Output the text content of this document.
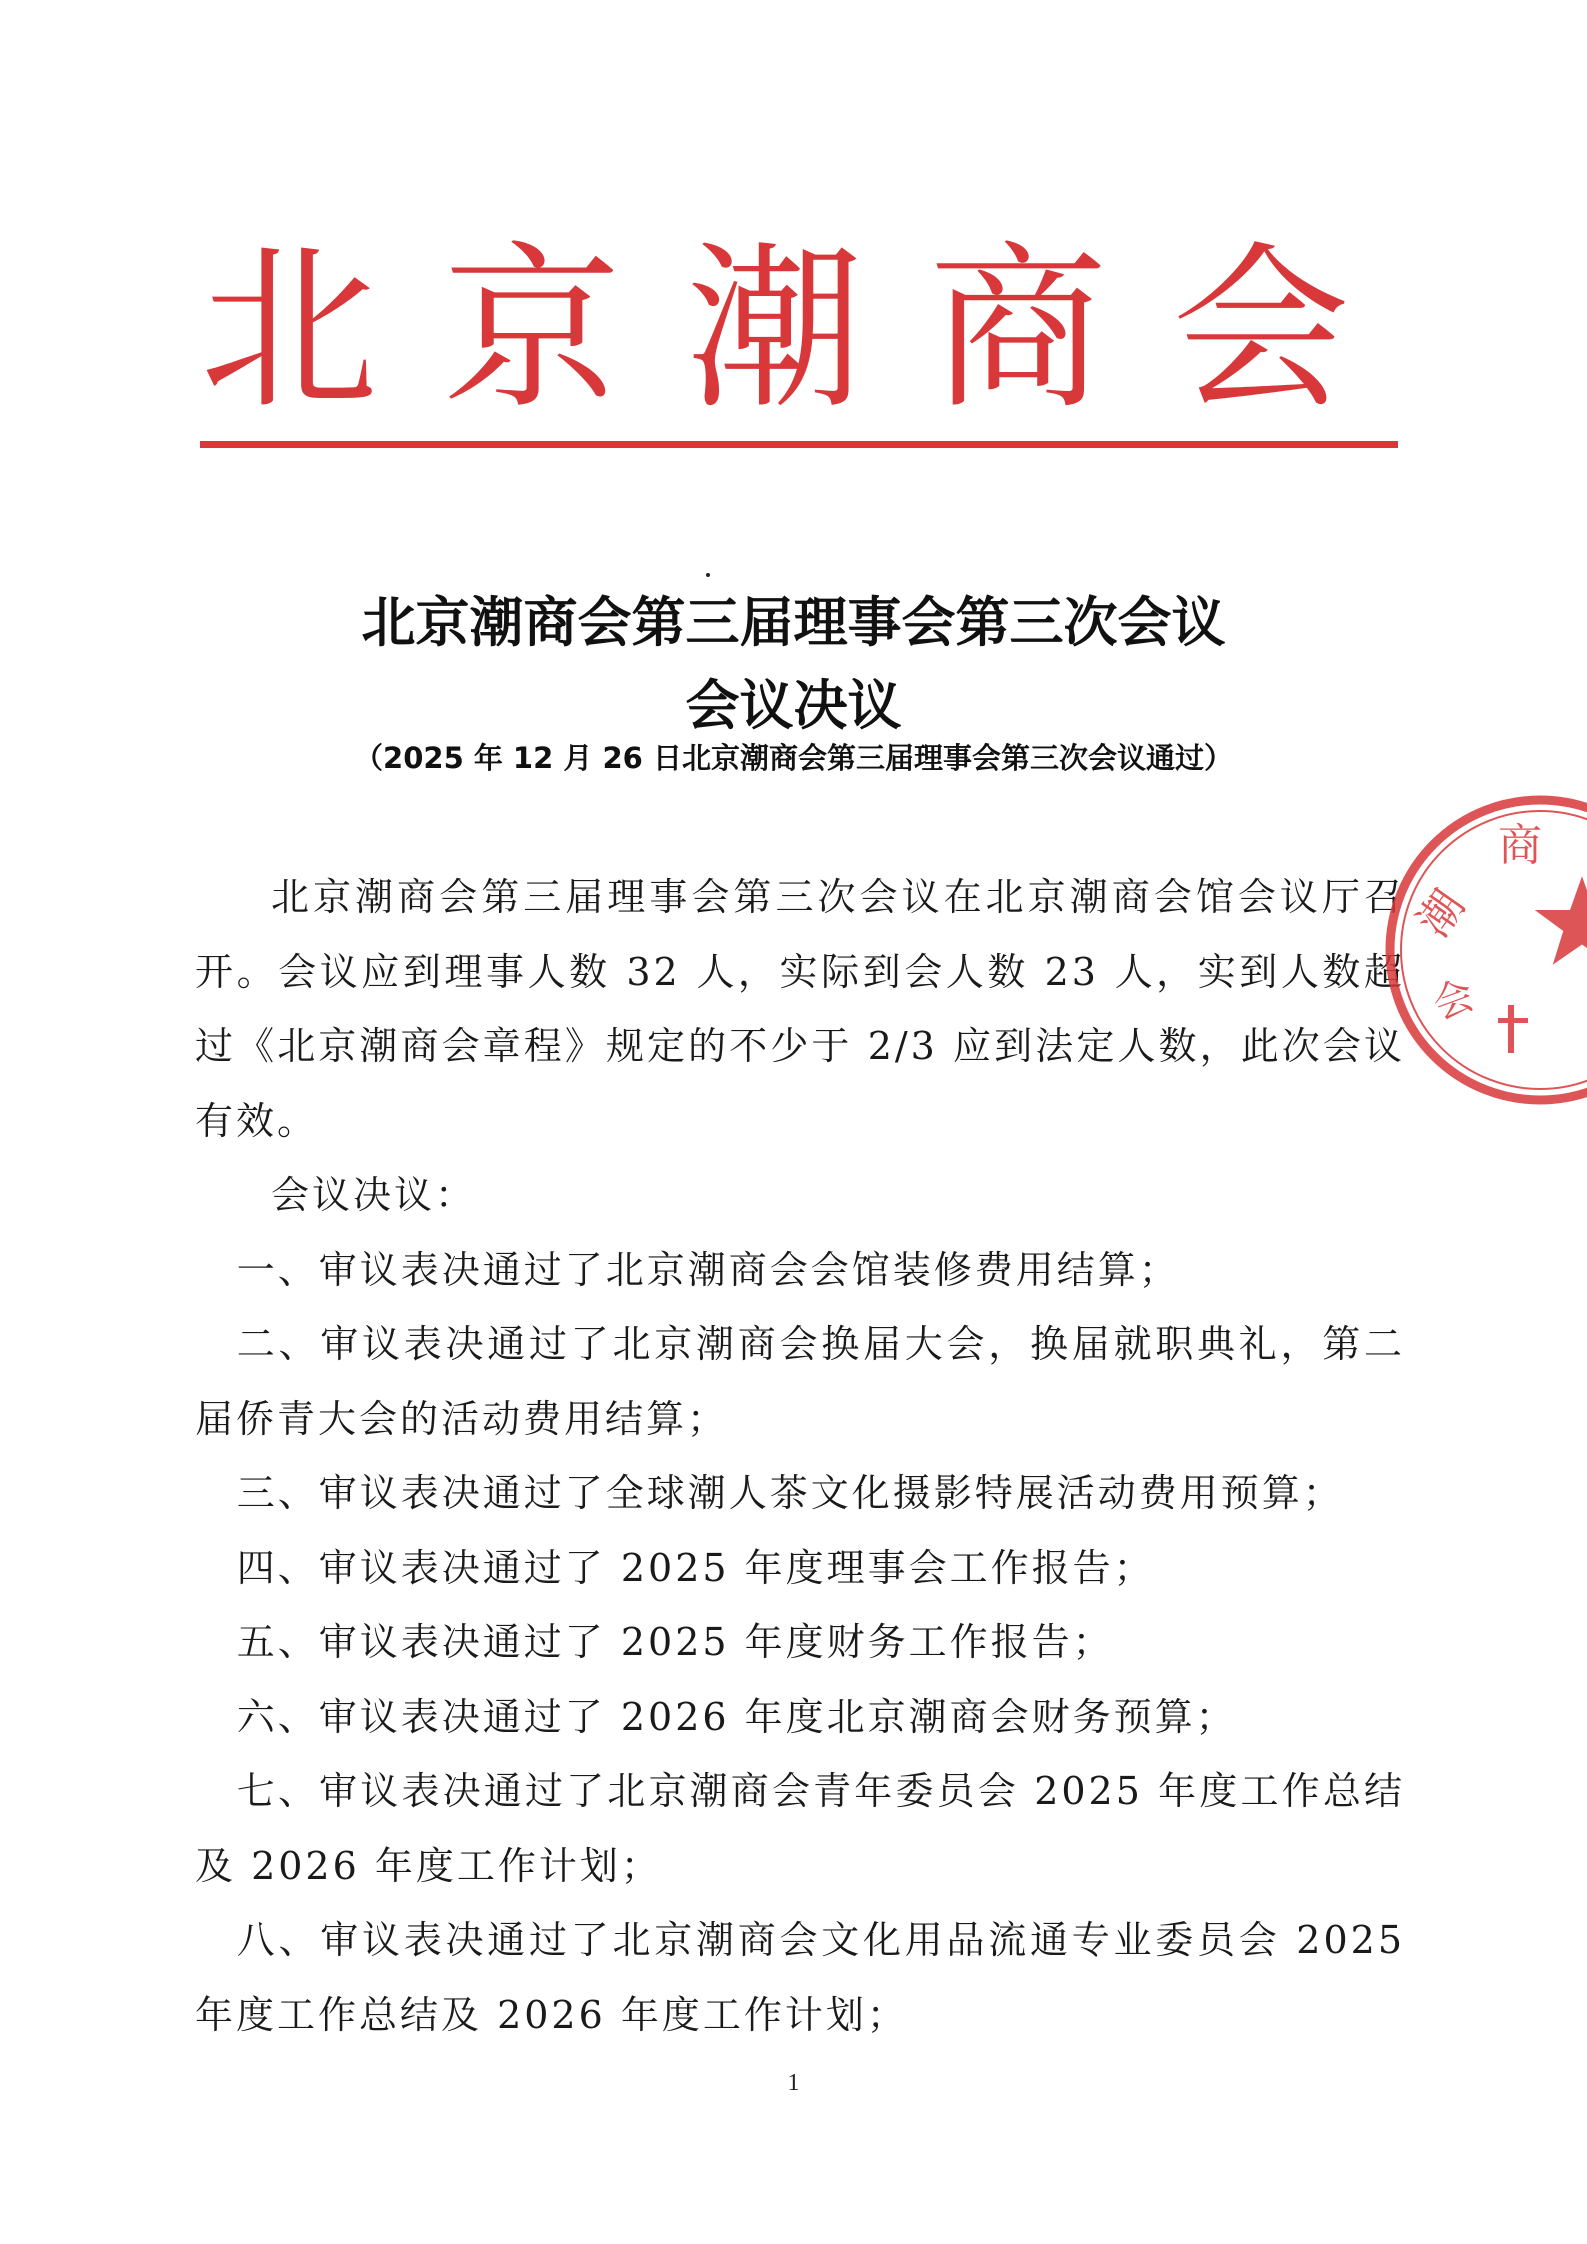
北 京 潮 商 会
北京潮商会第三届理事会第三次会议
会议决议
（2025 年 12 月 26 日北京潮商会第三届理事会第三次会议通过）

北京潮商会第三届理事会第三次会议在北京潮商会馆会议厅召开。会议应到理事人数 32 人，实际到会人数 23 人，实到人数超过《北京潮商会章程》规定的不少于 2/3 应到法定人数，此次会议有效。

会议决议：

一、审议表决通过了北京潮商会会馆装修费用结算；

二、审议表决通过了北京潮商会换届大会，换届就职典礼，第二届侨青大会的活动费用结算；

三、审议表决通过了全球潮人茶文化摄影特展活动费用预算；

四、审议表决通过了 2025 年度理事会工作报告；

五、审议表决通过了 2025 年度财务工作报告；

六、审议表决通过了 2026 年度北京潮商会财务预算；

七、审议表决通过了北京潮商会青年委员会 2025 年度工作总结及 2026 年度工作计划；

八、审议表决通过了北京潮商会文化用品流通专业委员会 2025 年度工作总结及 2026 年度工作计划；

商
潮
会
1
